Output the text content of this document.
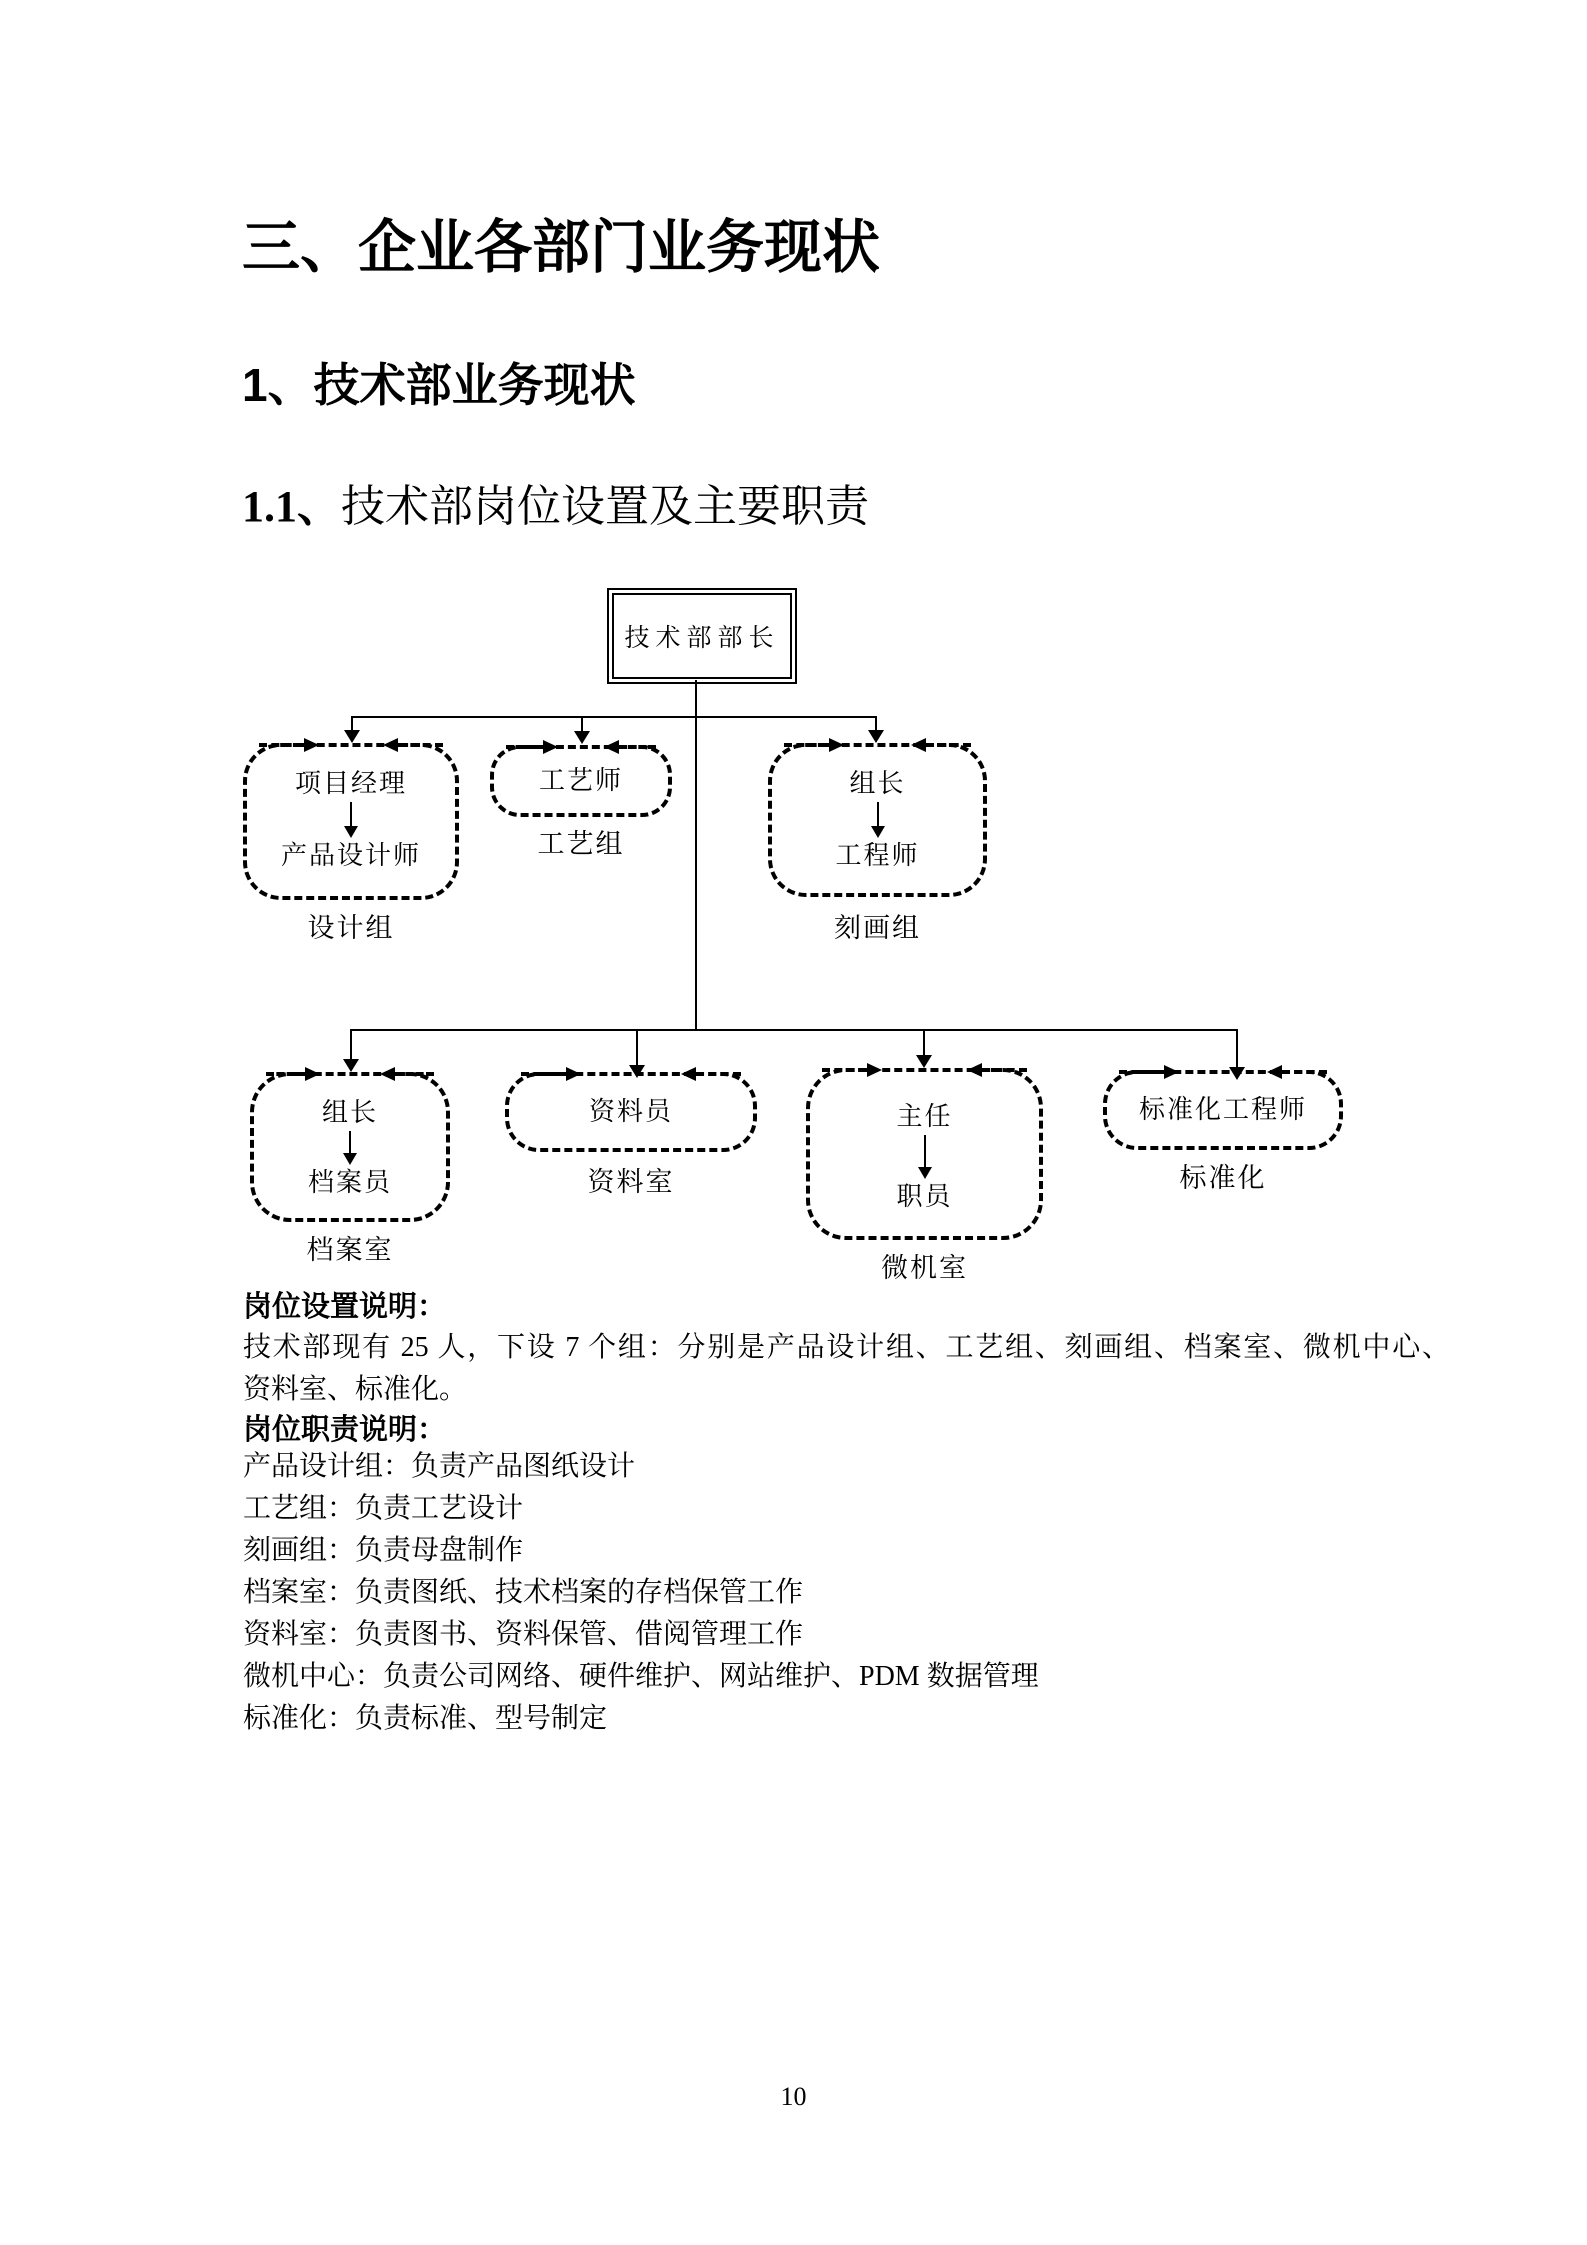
三、企业各部门业务现状
1、技术部业务现状
1.1、技术部岗位设置及主要职责
技术部部长
项目经理
产品设计师
设计组
工艺师
工艺组
组长
工程师
刻画组
组长
档案员
档案室
资料员
资料室
主任
职员
微机室
标准化工程师
标准化
岗位设置说明：
技术部现有 25 人，下设 7 个组：分别是产品设计组、工艺组、刻画组、档案室、微机中心、
资料室、标准化。
岗位职责说明：
产品设计组：负责产品图纸设计
工艺组：负责工艺设计
刻画组：负责母盘制作
档案室：负责图纸、技术档案的存档保管工作
资料室：负责图书、资料保管、借阅管理工作
微机中心：负责公司网络、硬件维护、网站维护、PDM 数据管理
标准化：负责标准、型号制定
10
